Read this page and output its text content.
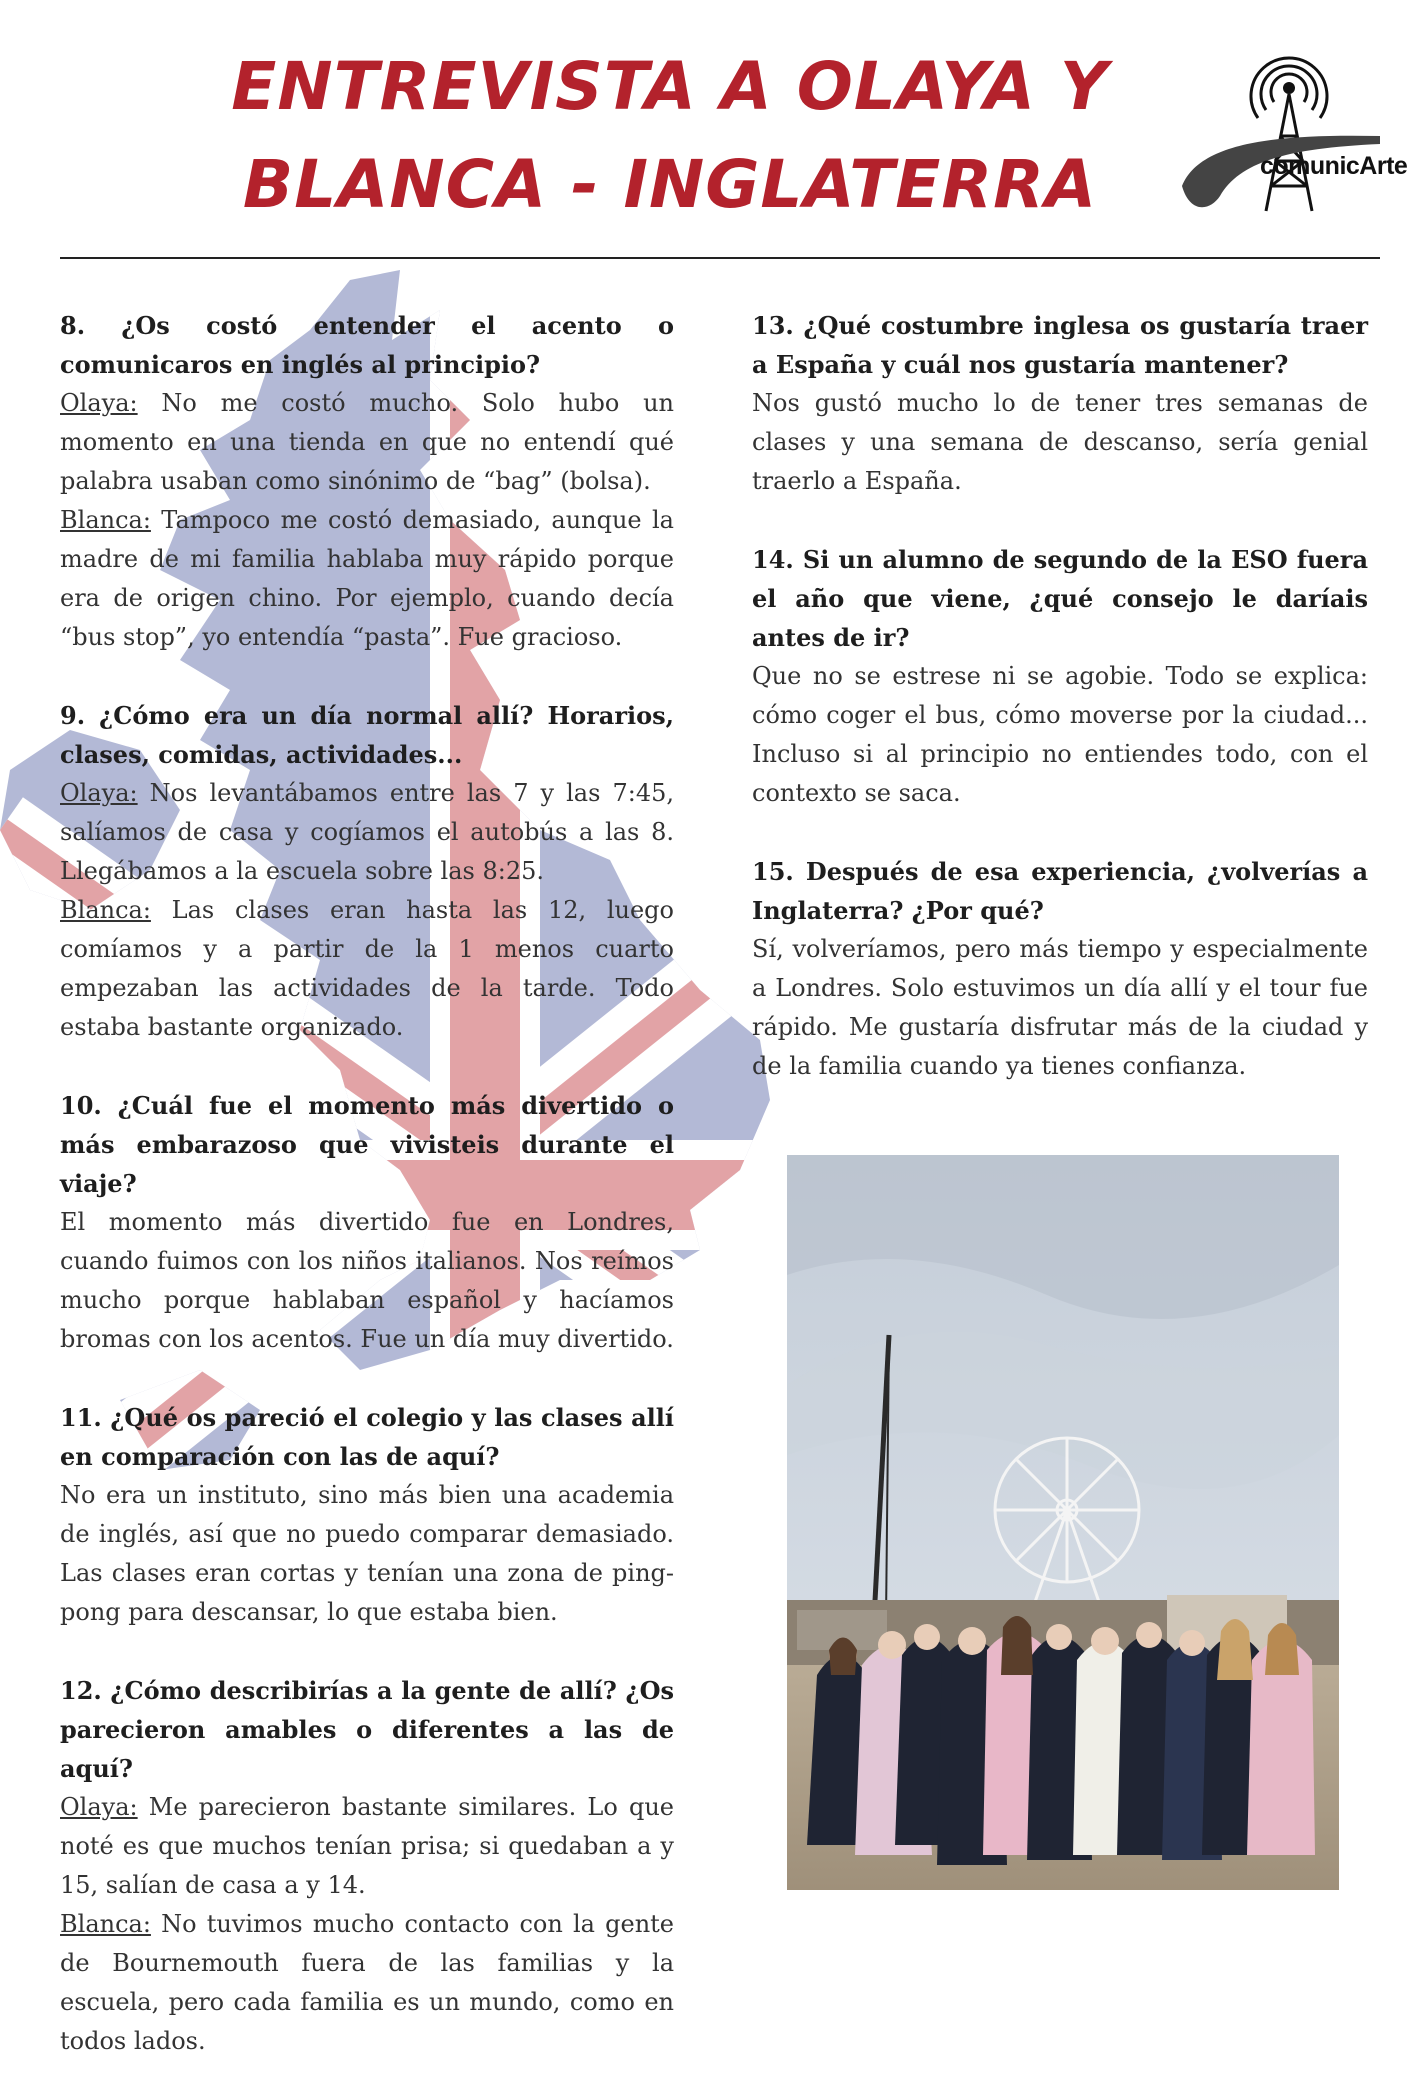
ENTREVISTA A OLAYA Y
BLANCA - INGLATERRA	comunicArte
8. ¿Os costó entender el acento o comunicaros en inglés al principio?
Olaya: No me costó mucho. Solo hubo un momento en una tienda en que no entendí qué palabra usaban como sinónimo de “bag” (bolsa).
Blanca: Tampoco me costó demasiado, aunque la madre de mi familia hablaba muy rápido porque era de origen chino. Por ejemplo, cuando decía “bus stop”, yo entendía “pasta”. Fue gracioso.
9. ¿Cómo era un día normal allí? Horarios, clases, comidas, actividades...
Olaya: Nos levantábamos entre las 7 y las 7:45, salíamos de casa y cogíamos el autobús a las 8. Llegábamos a la escuela sobre las 8:25.
Blanca: Las clases eran hasta las 12, luego comíamos y a partir de la 1 menos cuarto empezaban las actividades de la tarde. Todo estaba bastante organizado.
10. ¿Cuál fue el momento más divertido o más embarazoso que vivisteis durante el viaje?
El momento más divertido fue en Londres, cuando fuimos con los niños italianos. Nos reímos mucho porque hablaban español y hacíamos bromas con los acentos. Fue un día muy divertido.
11. ¿Qué os pareció el colegio y las clases allí en comparación con las de aquí?
No era un instituto, sino más bien una academia de inglés, así que no puedo comparar demasiado. Las clases eran cortas y tenían una zona de ping-pong para descansar, lo que estaba bien.
12. ¿Cómo describirías a la gente de allí? ¿Os parecieron amables o diferentes a las de aquí?
Olaya: Me parecieron bastante similares. Lo que noté es que muchos tenían prisa; si quedaban a y 15, salían de casa a y 14.
Blanca: No tuvimos mucho contacto con la gente de Bournemouth fuera de las familias y la escuela, pero cada familia es un mundo, como en todos lados.
13. ¿Qué costumbre inglesa os gustaría traer a España y cuál nos gustaría mantener?
Nos gustó mucho lo de tener tres semanas de clases y una semana de descanso, sería genial traerlo a España.
14. Si un alumno de segundo de la ESO fuera el año que viene, ¿qué consejo le daríais antes de ir?
Que no se estrese ni se agobie. Todo se explica: cómo coger el bus, cómo moverse por la ciudad... Incluso si al principio no entiendes todo, con el contexto se saca.
15. Después de esa experiencia, ¿volverías a Inglaterra? ¿Por qué?
Sí, volveríamos, pero más tiempo y especialmente a Londres. Solo estuvimos un día allí y el tour fue rápido. Me gustaría disfrutar más de la ciudad y de la familia cuando ya tienes confianza.
